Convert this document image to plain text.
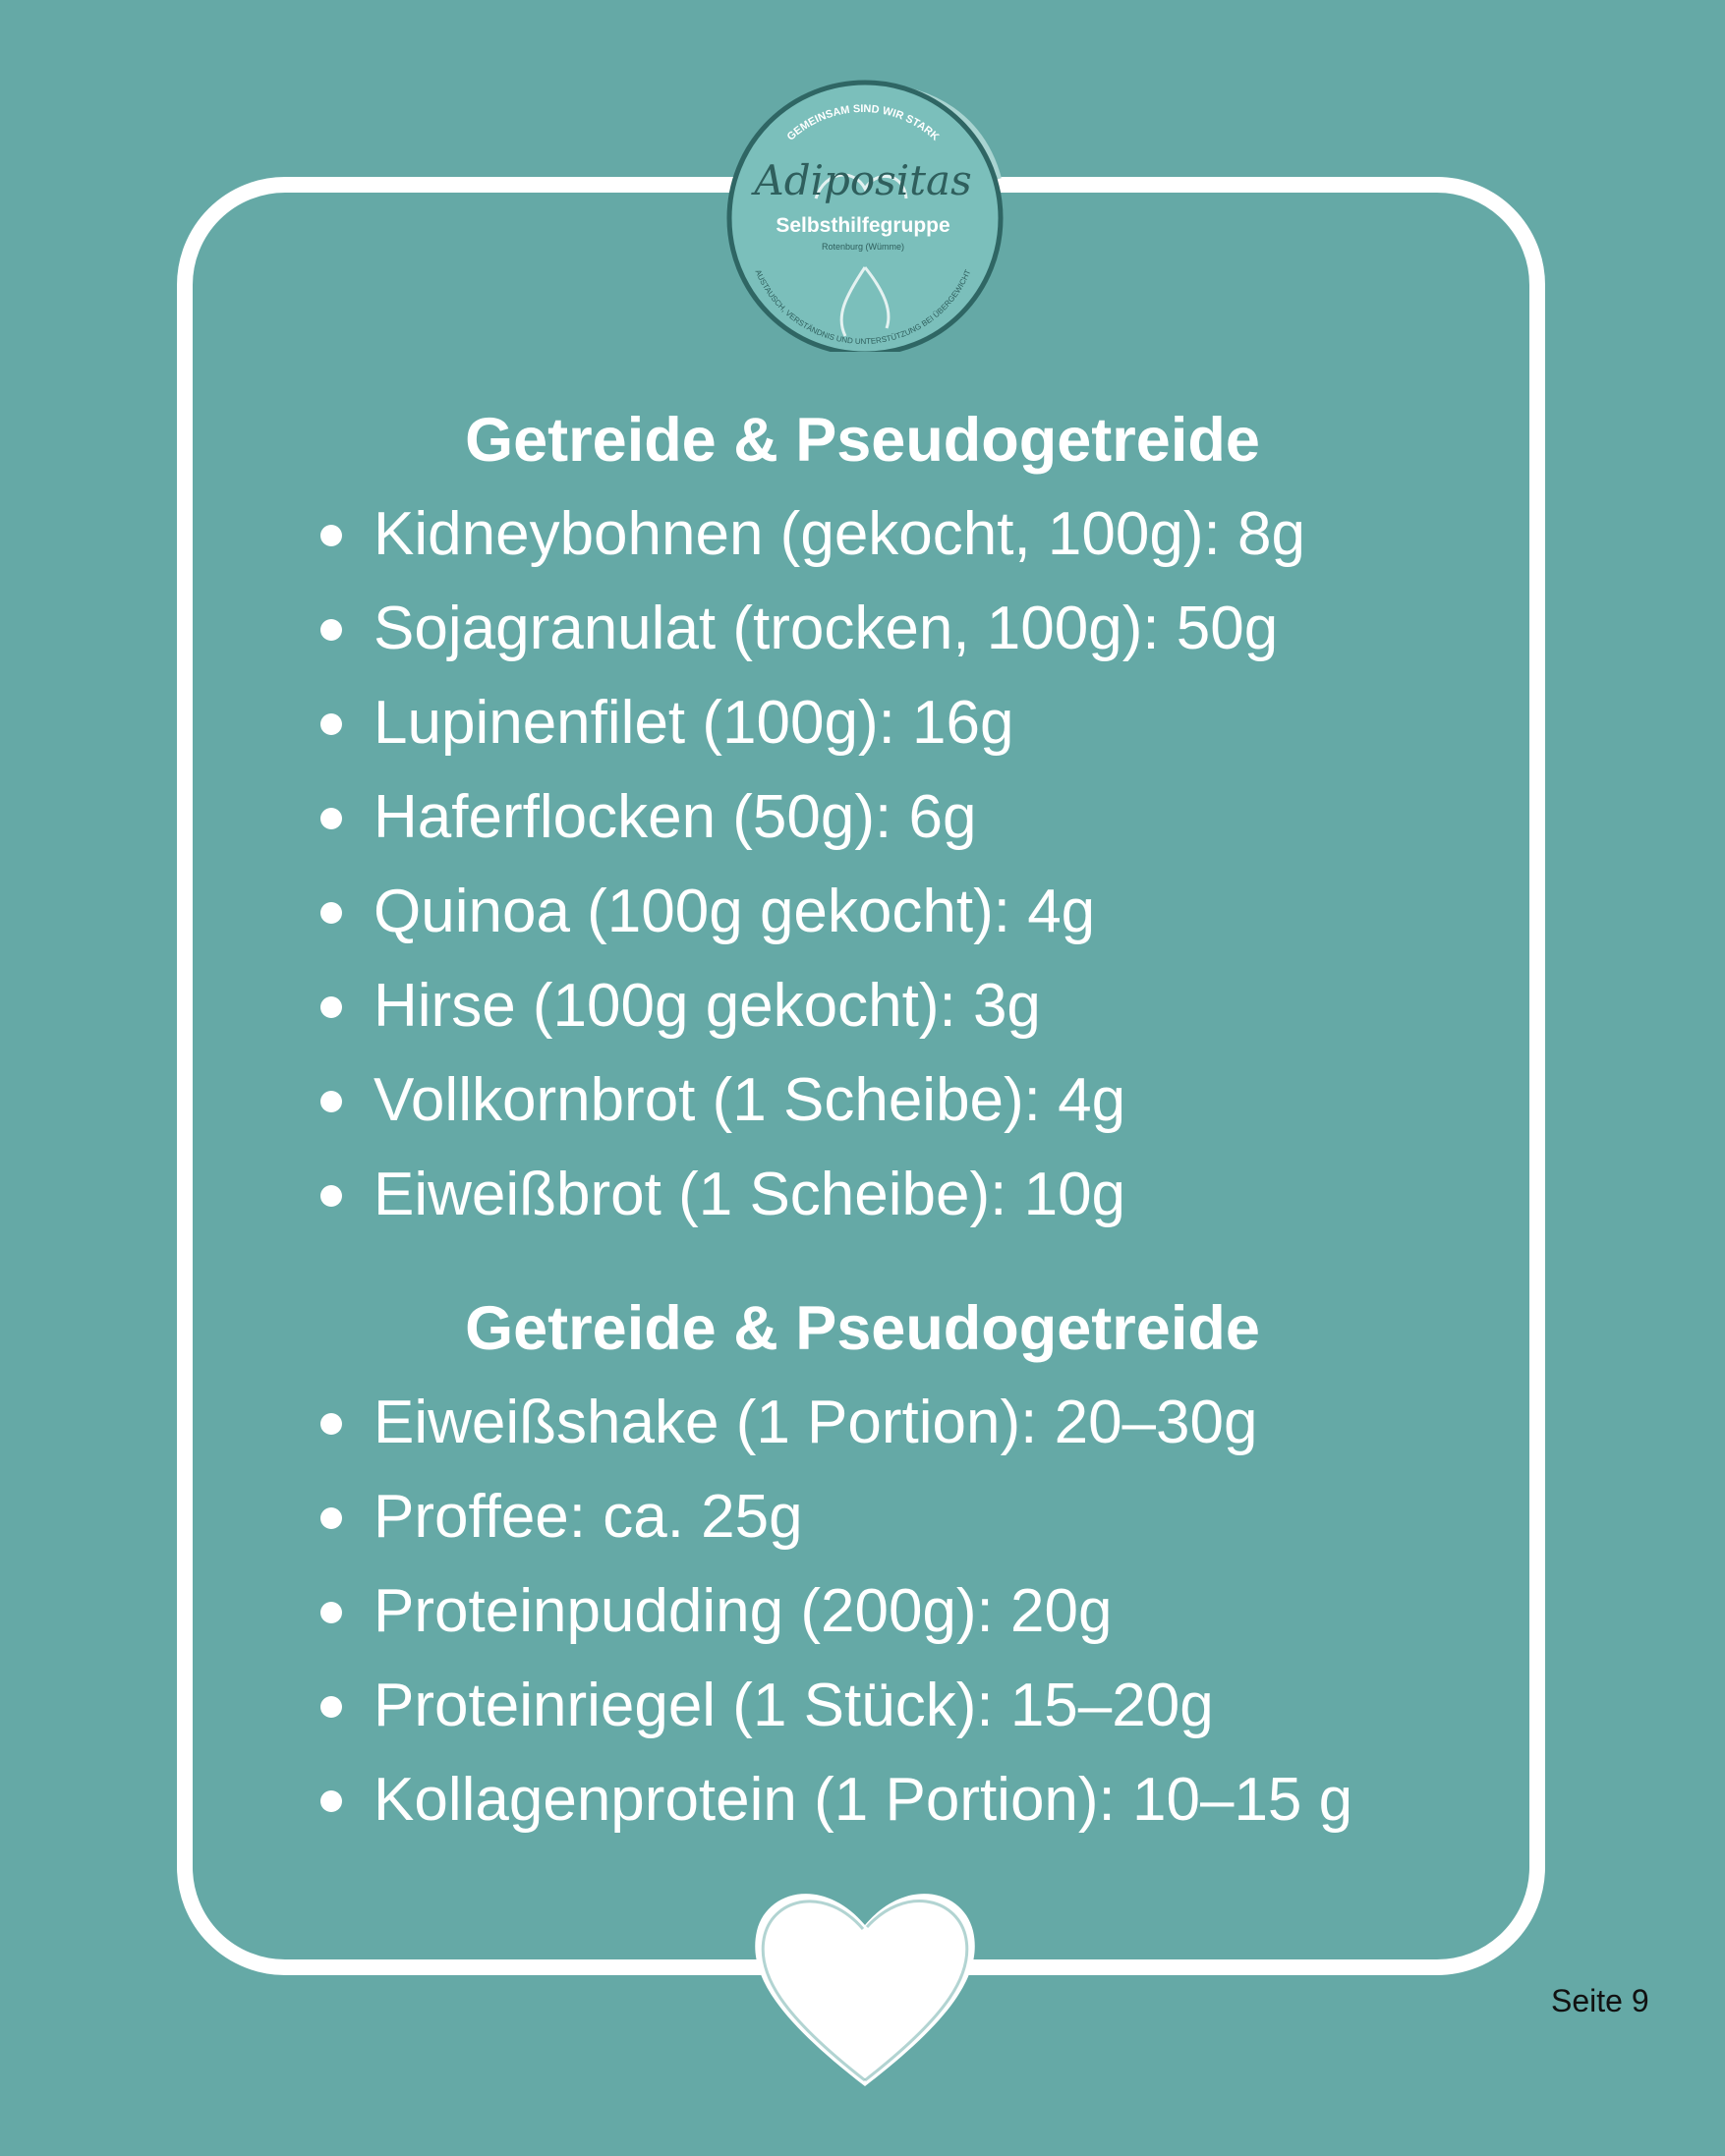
GEMEINSAM SIND WIR STARK
Adipositas
Selbsthilfegruppe
Rotenburg (Wümme)
AUSTAUSCH, VERSTÄNDNIS UND UNTERSTÜTZUNG BEI ÜBERGEWICHT
Getreide & Pseudogetreide
Kidneybohnen (gekocht, 100g): 8g
Sojagranulat (trocken, 100g): 50g
Lupinenfilet (100g): 16g
Haferflocken (50g): 6g
Quinoa (100g gekocht): 4g
Hirse (100g gekocht): 3g
Vollkornbrot (1 Scheibe): 4g
Eiweißbrot (1 Scheibe): 10g
Getreide & Pseudogetreide
Eiweißshake (1 Portion): 20–30g
Proffee: ca. 25g
Proteinpudding (200g): 20g
Proteinriegel (1 Stück): 15–20g
Kollagenprotein (1 Portion): 10–15 g
Seite 9
